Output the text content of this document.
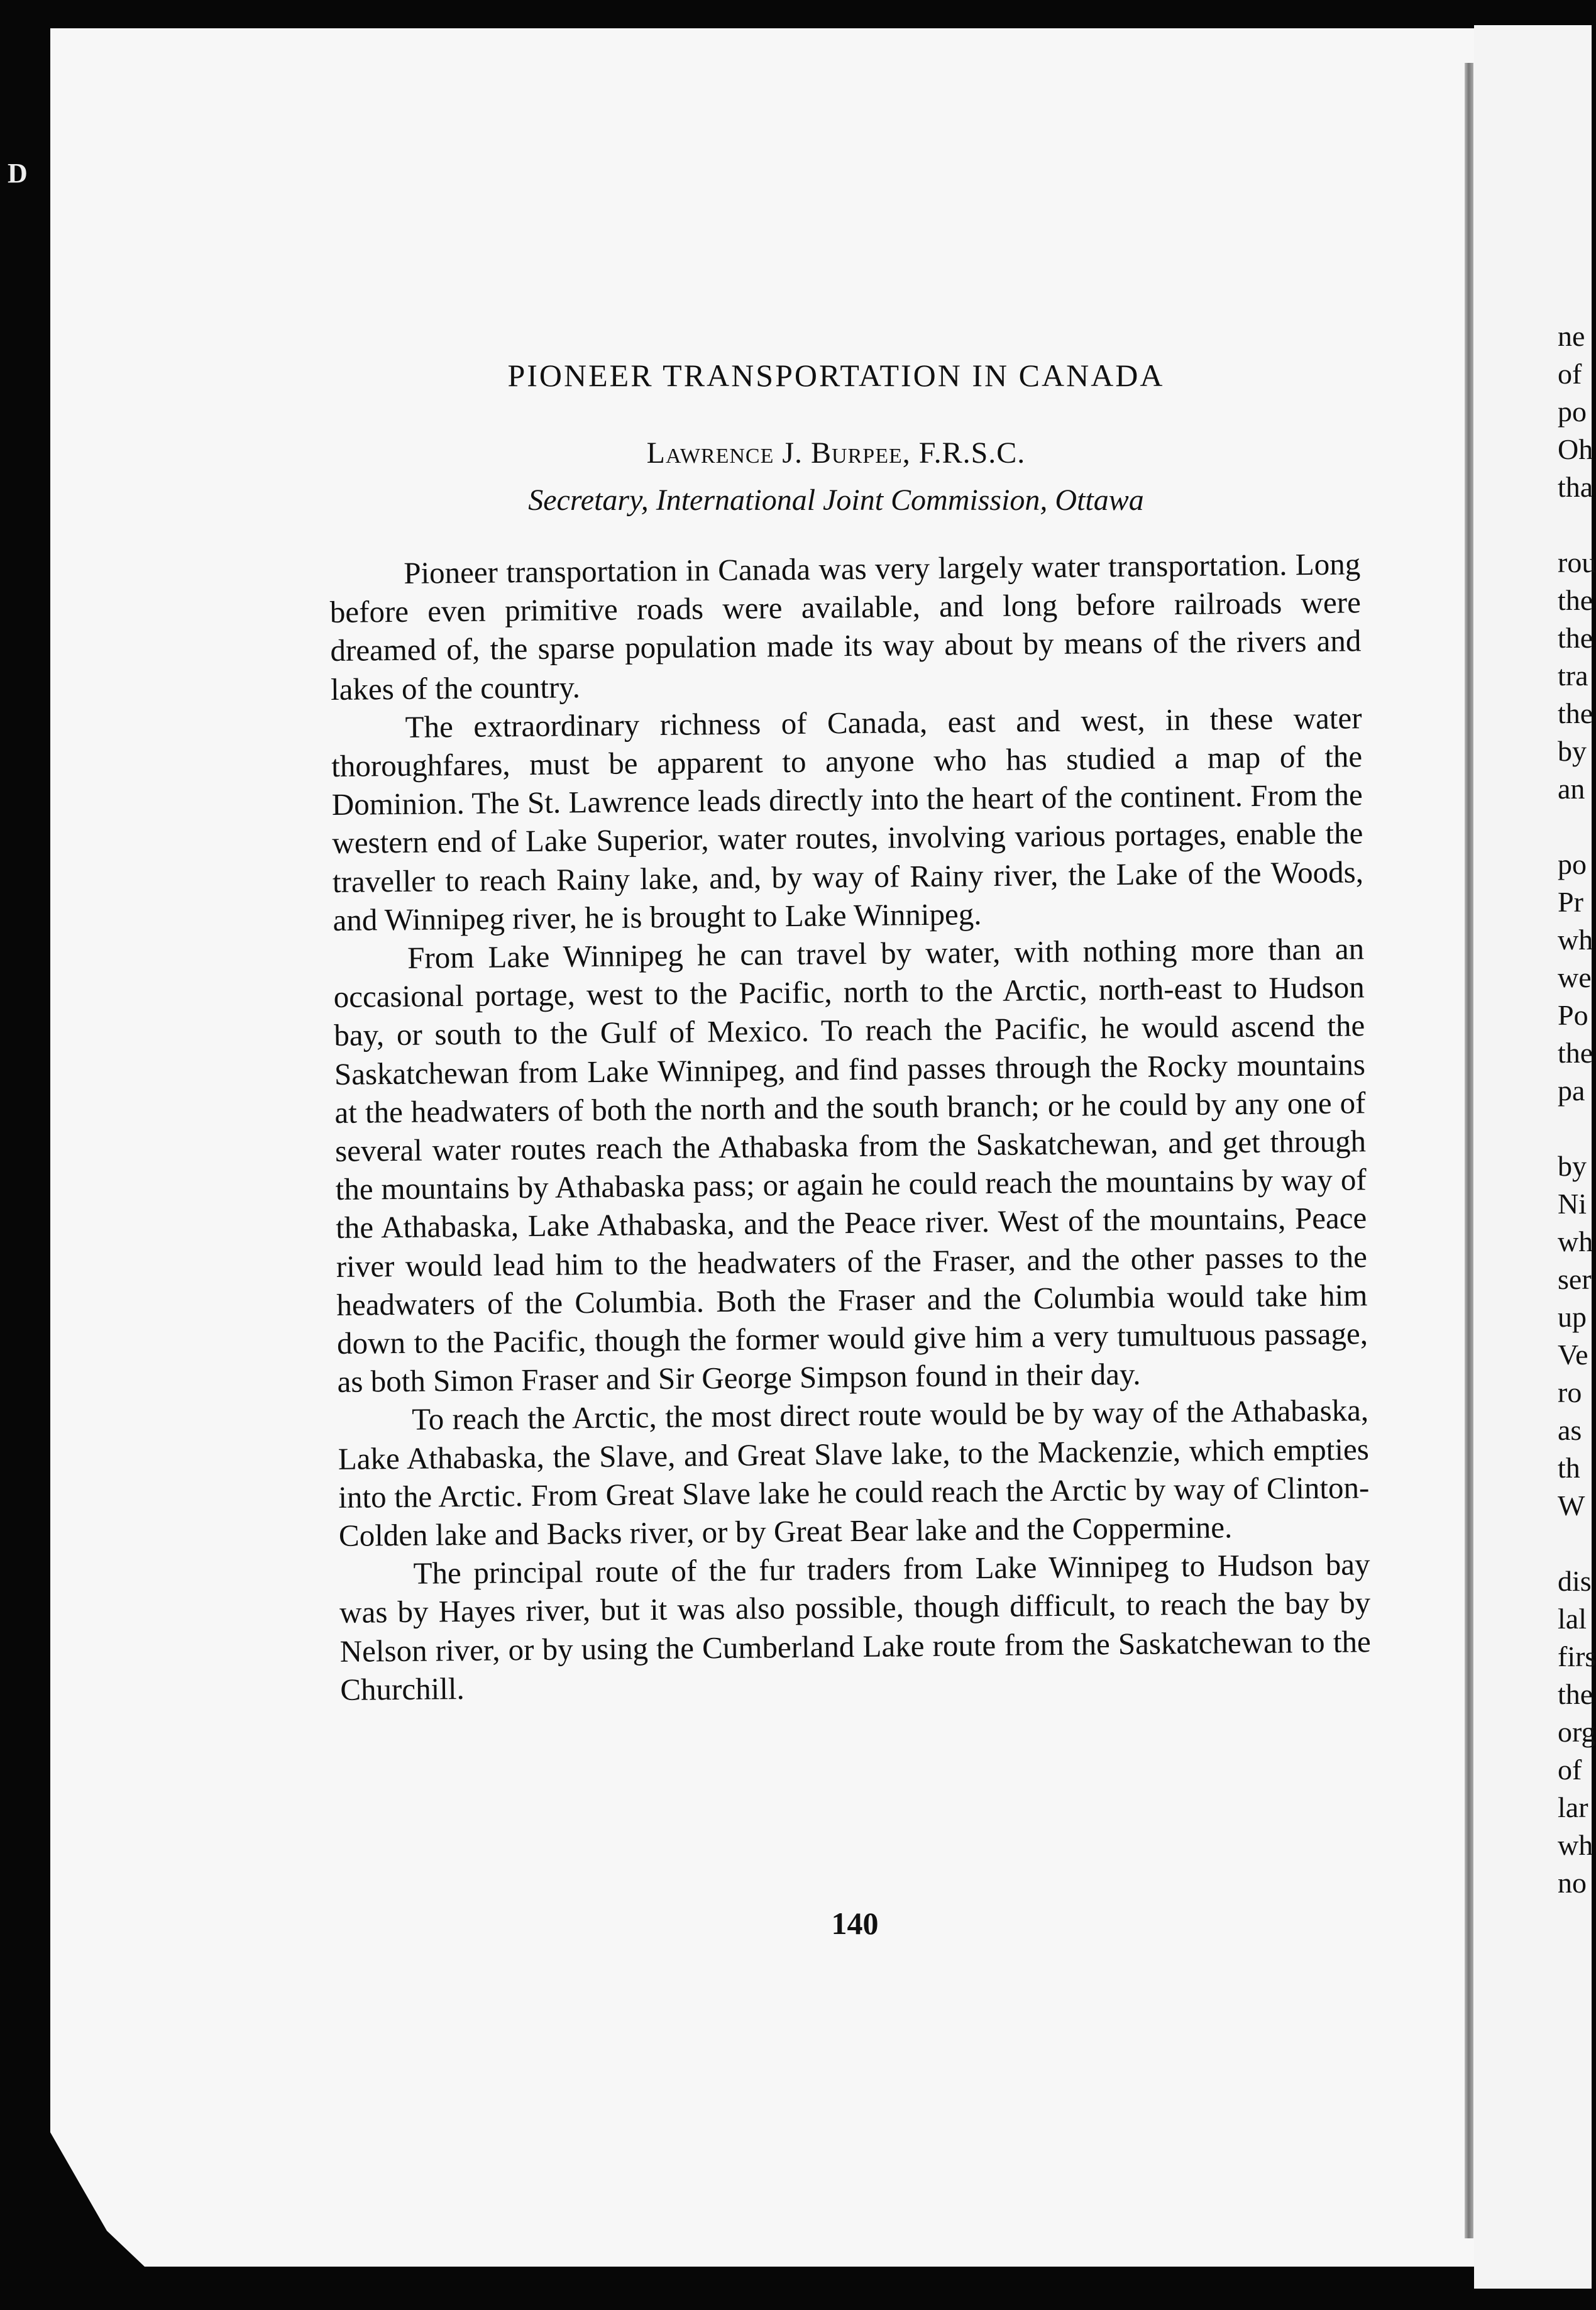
D
PIONEER TRANSPORTATION IN CANADA
Lawrence J. Burpee, F.R.S.C.
Secretary, International Joint Commission, Ottawa

Pioneer transportation in Canada was very largely water transportation. Long before even primitive roads were available, and long before railroads were dreamed of, the sparse population made its way about by means of the rivers and lakes of the country.

The extraordinary richness of Canada, east and west, in these water thoroughfares, must be apparent to anyone who has studied a map of the Dominion. The St. Lawrence leads directly into the heart of the continent. From the western end of Lake Superior, water routes, involving various portages, enable the traveller to reach Rainy lake, and, by way of Rainy river, the Lake of the Woods, and Winnipeg river, he is brought to Lake Winnipeg.

From Lake Winnipeg he can travel by water, with nothing more than an occasional portage, west to the Pacific, north to the Arctic, north-east to Hudson bay, or south to the Gulf of Mexico. To reach the Pacific, he would ascend the Saskatchewan from Lake Winnipeg, and find passes through the Rocky mountains at the headwaters of both the north and the south branch; or he could by any one of several water routes reach the Athabaska from the Saskatchewan, and get through the mountains by Athabaska pass; or again he could reach the mountains by way of the Athabaska, Lake Athabaska, and the Peace river. West of the mountains, Peace river would lead him to the headwaters of the Fraser, and the other passes to the headwaters of the Columbia. Both the Fraser and the Columbia would take him down to the Pacific, though the former would give him a very tumultuous passage, as both Simon Fraser and Sir George Simpson found in their day.

To reach the Arctic, the most direct route would be by way of the Athabaska, Lake Athabaska, the Slave, and Great Slave lake, to the Mackenzie, which empties into the Arctic. From Great Slave lake he could reach the Arctic by way of Clinton-Colden lake and Backs river, or by Great Bear lake and the Coppermine.

The principal route of the fur traders from Lake Winnipeg to Hudson bay was by Hayes river, but it was also possible, though difficult, to reach the bay by Nelson river, or by using the Cumberland Lake route from the Saskatchewan to the Churchill.

140
ne
of
po
Oh
tha
rou
the
the
tra
the
by
an
po
Pr
wh
we
Po
the
pa
by
Ni
wh
ser
up
Ve
ro
as
th
W
dis
lal
firs
the
org
of
lar
wh
no
